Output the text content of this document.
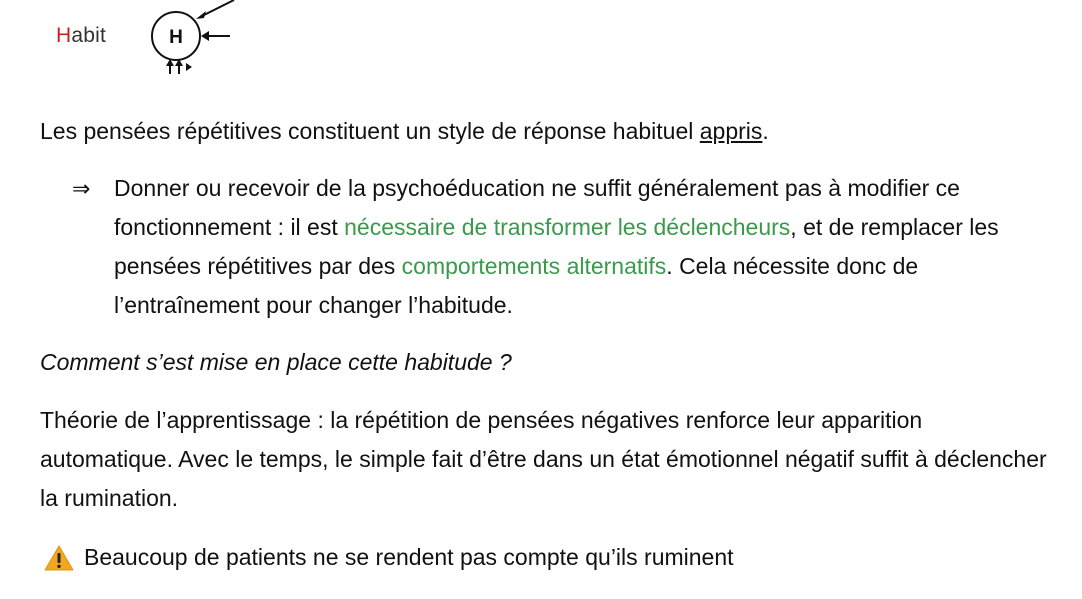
Habit	H

Les pensées répétitives constituent un style de réponse habituel appris.

⇒	Donner ou recevoir de la psychoéducation ne suffit généralement pas à modifier ce fonctionnement : il est nécessaire de transformer les déclencheurs, et de remplacer les pensées répétitives par des comportements alternatifs. Cela nécessite donc de l’entraînement pour changer l’habitude.

Comment s’est mise en place cette habitude ?

Théorie de l’apprentissage : la répétition de pensées négatives renforce leur apparition automatique. Avec le temps, le simple fait d’être dans un état émotionnel négatif suffit à déclencher la rumination.

Beaucoup de patients ne se rendent pas compte qu’ils ruminent
